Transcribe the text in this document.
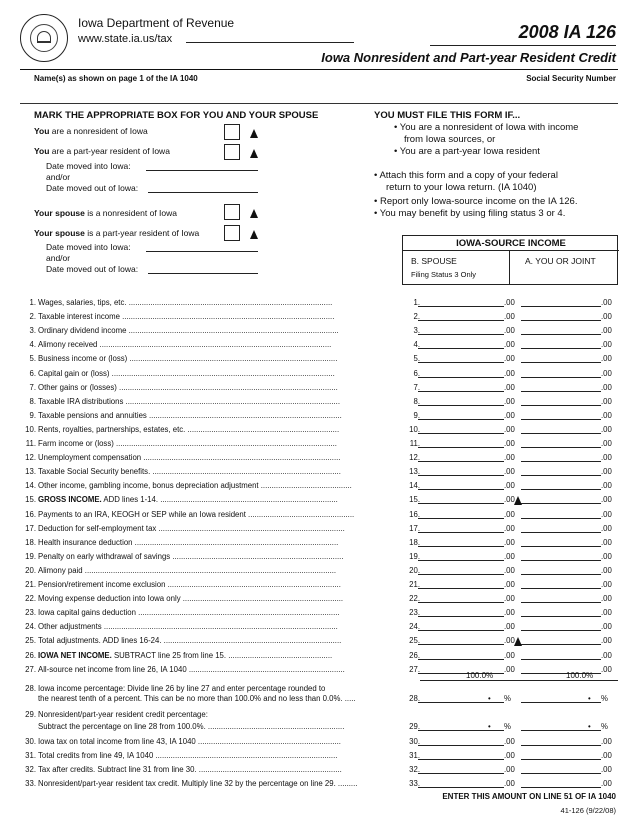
Iowa Department of Revenue
www.state.ia.us/tax	2008 IA 126
Iowa Nonresident and Part-year Resident Credit
Name(s) as shown on page 1 of the IA 1040	Social Security Number
MARK THE APPROPRIATE BOX FOR YOU AND YOUR SPOUSE
You are a nonresident of Iowa
You are a part-year resident of Iowa
Date moved into Iowa:
and/or
Date moved out of Iowa:
Your spouse is a nonresident of Iowa
Your spouse is a part-year resident of Iowa
Date moved into Iowa:
and/or
Date moved out of Iowa:
YOU MUST FILE THIS FORM IF...
• You are a nonresident of Iowa with income
from Iowa sources, or
• You are a part-year Iowa resident
• Attach this form and a copy of your federal
return to your Iowa return. (IA 1040)
• Report only Iowa-source income on the IA 126.
• You may benefit by using filing status 3 or 4.
IOWA-SOURCE INCOME
B. SPOUSE
Filing Status 3 Only
A. YOU OR JOINT
1. Wages, salaries, tips, etc. ..............................................................................................	1.	.00	.00
2. Taxable interest income ..................................................................................................	2.	.00	.00
3. Ordinary dividend income .................................................................................................	3.	.00	.00
4. Alimony received ...........................................................................................................	4.	.00	.00
5. Business income or (loss) ................................................................................................	5.	.00	.00
6. Capital gain or (loss) .......................................................................................................	6.	.00	.00
7. Other gains or (losses) .....................................................................................................	7.	.00	.00
8. Taxable IRA distributions ...................................................................................................	8.	.00	.00
9. Taxable pensions and annuities .........................................................................................	9.	.00	.00
10. Rents, royalties, partnerships, estates, etc. ......................................................................	10.	.00	.00
11. Farm income or (loss) ......................................................................................................	11.	.00	.00
12. Unemployment compensation ...........................................................................................	12.	.00	.00
13. Taxable Social Security benefits. .......................................................................................	13.	.00	.00
14. Other income, gambling income, bonus depreciation adjustment ..........................................	14.	.00	.00
15. GROSS INCOME. ADD lines 1-14. ..................................................................................	15.	.00	.00
16. Payments to an IRA, KEOGH or SEP while an Iowa resident .................................................	16.	.00	.00
17. Deduction for self-employment tax ......................................................................................	17.	.00	.00
18. Health insurance deduction ..............................................................................................	18.	.00	.00
19. Penalty on early withdrawal of savings ...............................................................................	19.	.00	.00
20. Alimony paid ....................................................................................................................	20.	.00	.00
21. Pension/retirement income exclusion ................................................................................	21.	.00	.00
22. Moving expense deduction into Iowa only ..........................................................................	22.	.00	.00
23. Iowa capital gains deduction .............................................................................................	23.	.00	.00
24. Other adjustments ............................................................................................................	24.	.00	.00
25. Total adjustments. ADD lines 16-24. ..................................................................................	25.	.00	.00
26. IOWA NET INCOME. SUBTRACT line 25 from line 15. ................................................	26.	.00	.00
27. All-source net income from line 26, IA 1040 ........................................................................	27.	.00	.00
100.0%	100.0%
28. Iowa income percentage: Divide line 26 by line 27 and enter percentage rounded to
the nearest tenth of a percent. This can be no more than 100.0% and no less than 0.0%. .....	28.	• %	• %
29. Nonresident/part-year resident credit percentage:
Subtract the percentage on line 28 from 100.0%. ...............................................................	29.	• %	• %
30. Iowa tax on total income from line 43, IA 1040 ..................................................................	30.	.00	.00
31. Total credits from line 49, IA 1040 ....................................................................................	31.	.00	.00
32. Tax after credits. Subtract line 31 from line 30. ..................................................................	32.	.00	.00
33. Nonresident/part-year resident tax credit. Multiply line 32 by the percentage on line 29. .........	33.	.00	.00
ENTER THIS AMOUNT ON LINE 51 OF IA 1040
41-126 (9/22/08)
